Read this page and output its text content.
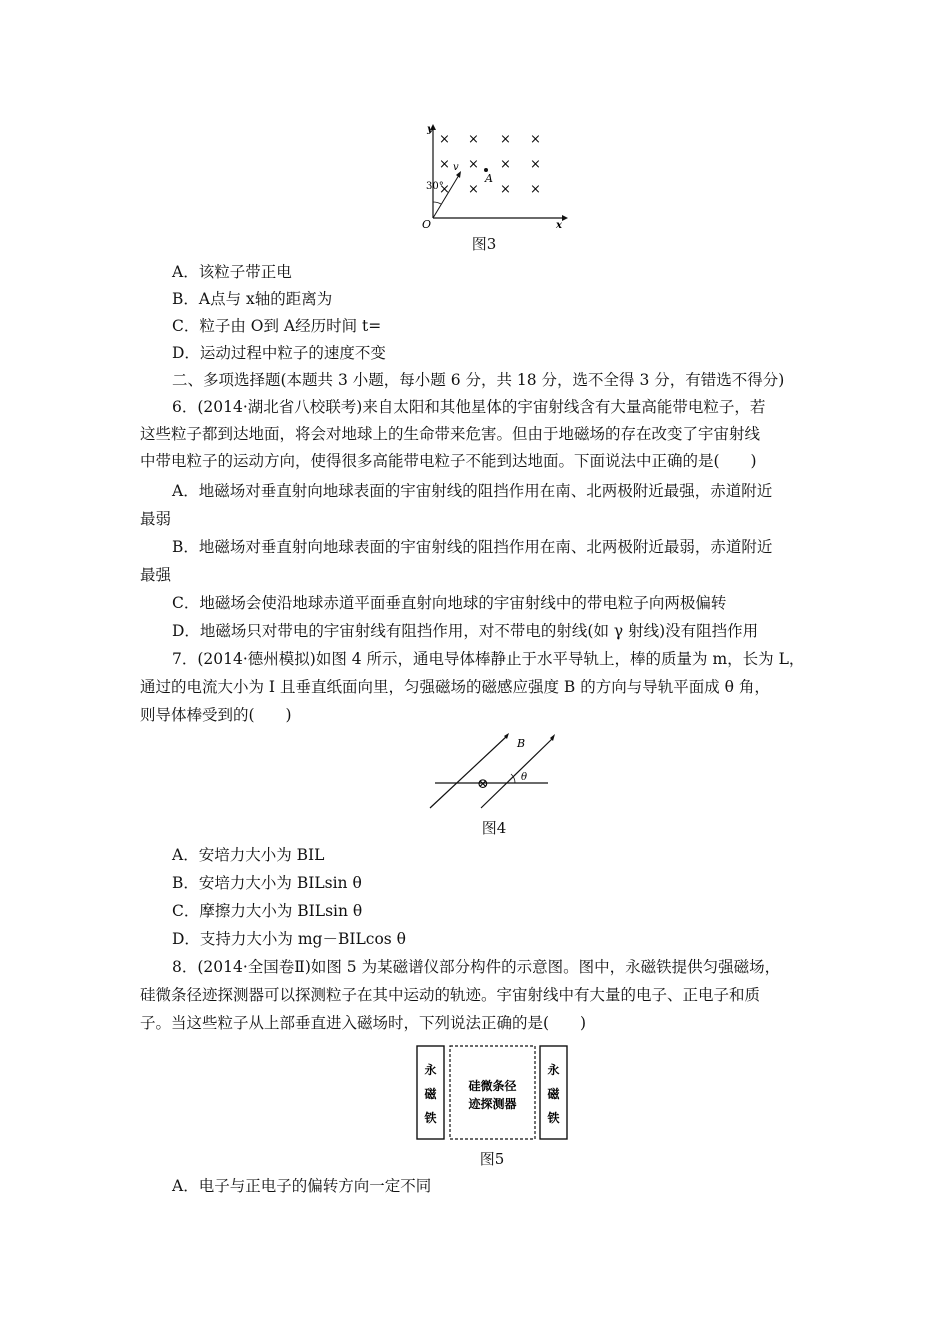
y
x
O
30°
v
A
× × × ×
× × × ×
× × × ×
图3
A．该粒子带正电
B．A点与 x轴的距离为
C．粒子由 O到 A经历时间 t=
D．运动过程中粒子的速度不变
二、多项选择题(本题共 3 小题，每小题 6 分，共 18 分，选不全得 3 分，有错选不得分)
6．(2014·湖北省八校联考)来自太阳和其他星体的宇宙射线含有大量高能带电粒子，若
这些粒子都到达地面，将会对地球上的生命带来危害。但由于地磁场的存在改变了宇宙射线
中带电粒子的运动方向，使得很多高能带电粒子不能到达地面。下面说法中正确的是(　　)
A．地磁场对垂直射向地球表面的宇宙射线的阻挡作用在南、北两极附近最强，赤道附近
最弱
B．地磁场对垂直射向地球表面的宇宙射线的阻挡作用在南、北两极附近最弱，赤道附近
最强
C．地磁场会使沿地球赤道平面垂直射向地球的宇宙射线中的带电粒子向两极偏转
D．地磁场只对带电的宇宙射线有阻挡作用，对不带电的射线(如 γ 射线)没有阻挡作用
7．(2014·德州模拟)如图 4 所示，通电导体棒静止于水平导轨上，棒的质量为 m，长为 L，
通过的电流大小为 I 且垂直纸面向里，匀强磁场的磁感应强度 B 的方向与导轨平面成 θ 角，
则导体棒受到的(　　)
⊗
B
θ
图4
A．安培力大小为 BIL
B．安培力大小为 BILsin θ
C．摩擦力大小为 BILsin θ
D．支持力大小为 mg－BILcos θ
8．(2014·全国卷Ⅱ)如图 5 为某磁谱仪部分构件的示意图。图中，永磁铁提供匀强磁场，
硅微条径迹探测器可以探测粒子在其中运动的轨迹。宇宙射线中有大量的电子、正电子和质
子。当这些粒子从上部垂直进入磁场时，下列说法正确的是(　　)
永
磁
铁
永
磁
铁
硅微条径
迹探测器
图5
A．电子与正电子的偏转方向一定不同
